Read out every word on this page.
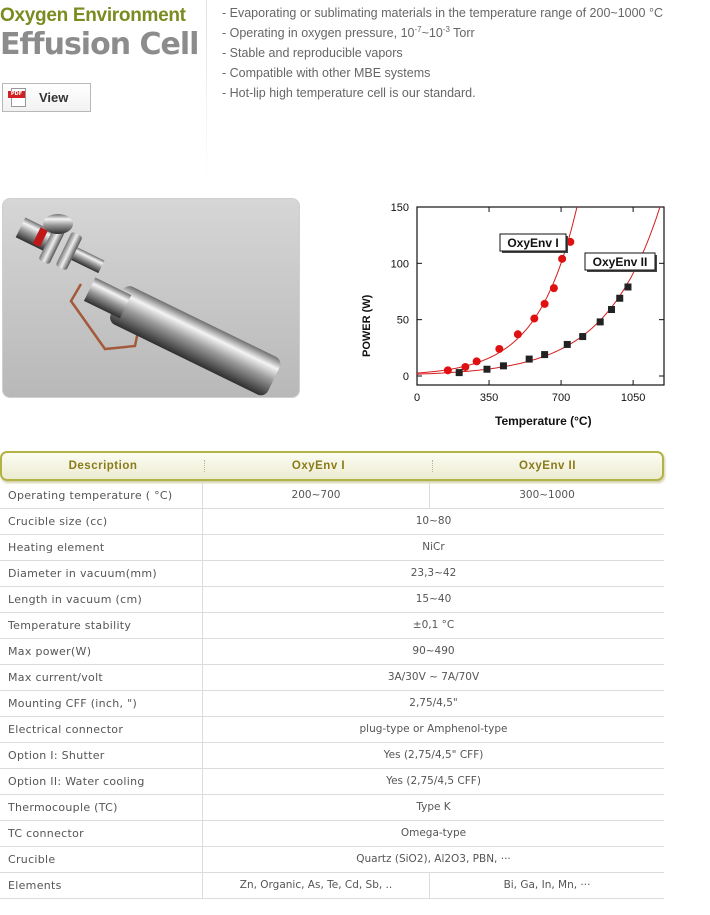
Oxygen Environment
Effusion Cell
PDF View
- Evaporating or sublimating materials in the temperature range of 200~1000 °C
- Operating in oxygen pressure, $10^{-7}\sim 10^{-3}$ Torr
- Stable and reproducible vapors
- Compatible with other MBE systems
- Hot-lip high temperature cell is our standard.
0
50
100
150
0	350	700	1050
OxyEnv I
OxyEnv II
Temperature (°C)
POWER (W)
Description	OxyEnv I	OxyEnv II
Operating temperature ( °C)	200~700	300~1000
Crucible size (cc)	10~80
Heating element	NiCr
Diameter in vacuum(mm)	23,3~42
Length in vacuum (cm)	15~40
Temperature stability	±0,1 °C
Max power(W)	90~490
Max current/volt	3A/30V ~ 7A/70V
Mounting CFF (inch, ")	2,75/4,5"
Electrical connector	plug-type or Amphenol-type
Option I: Shutter	Yes (2,75/4,5" CFF)
Option II: Water cooling	Yes (2,75/4,5 CFF)
Thermocouple (TC)	Type K
TC connector	Omega-type
Crucible	Quartz (SiO2), Al2O3, PBN, ···
Elements	Zn, Organic, As, Te, Cd, Sb, ..	Bi, Ga, In, Mn, ···
